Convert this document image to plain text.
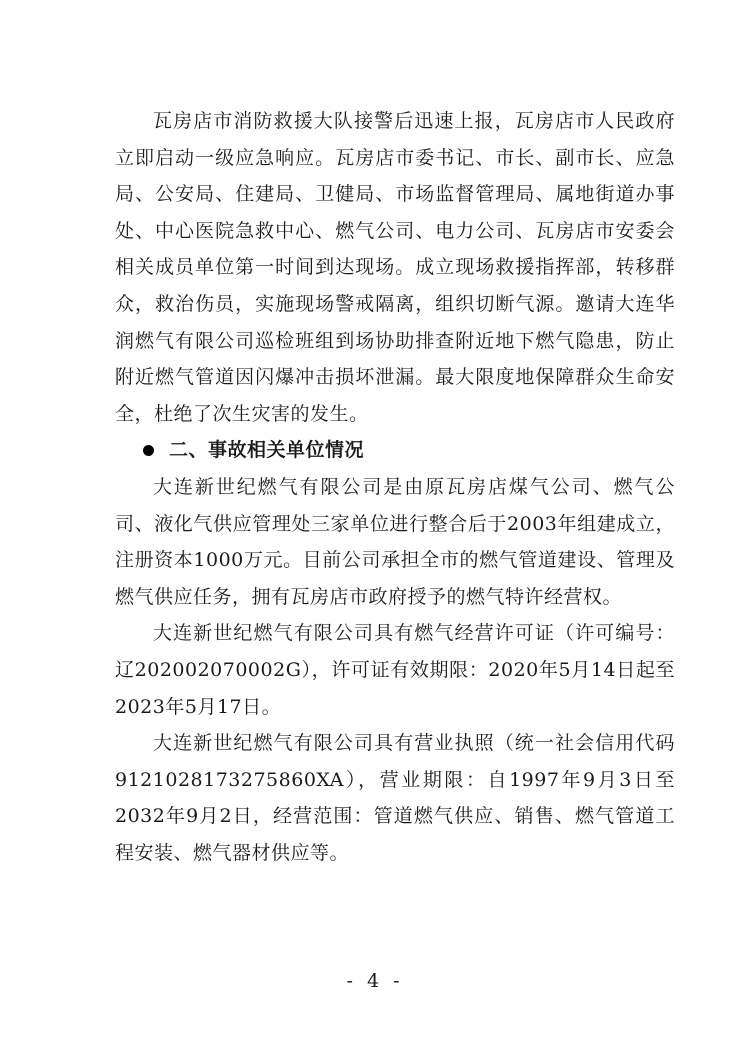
瓦房店市消防救援大队接警后迅速上报，瓦房店市人民政府立即启动一级应急响应。瓦房店市委书记、市长、副市长、应急局、公安局、住建局、卫健局、市场监督管理局、属地街道办事处、中心医院急救中心、燃气公司、电力公司、瓦房店市安委会相关成员单位第一时间到达现场。成立现场救援指挥部，转移群众，救治伤员，实施现场警戒隔离，组织切断气源。邀请大连华润燃气有限公司巡检班组到场协助排查附近地下燃气隐患，防止附近燃气管道因闪爆冲击损坏泄漏。最大限度地保障群众生命安全，杜绝了次生灾害的发生。

二、事故相关单位情况

大连新世纪燃气有限公司是由原瓦房店煤气公司、燃气公司、液化气供应管理处三家单位进行整合后于2003年组建成立，注册资本1000万元。目前公司承担全市的燃气管道建设、管理及燃气供应任务，拥有瓦房店市政府授予的燃气特许经营权。

大连新世纪燃气有限公司具有燃气经营许可证（许可编号：辽202002070002G），许可证有效期限：2020年5月14日起至2023年5月17日。

大连新世纪燃气有限公司具有营业执照（统一社会信用代码9121028173275860XA），营业期限：自1997年9月3日至2032年9月2日，经营范围：管道燃气供应、销售、燃气管道工程安装、燃气器材供应等。

- 4 -
